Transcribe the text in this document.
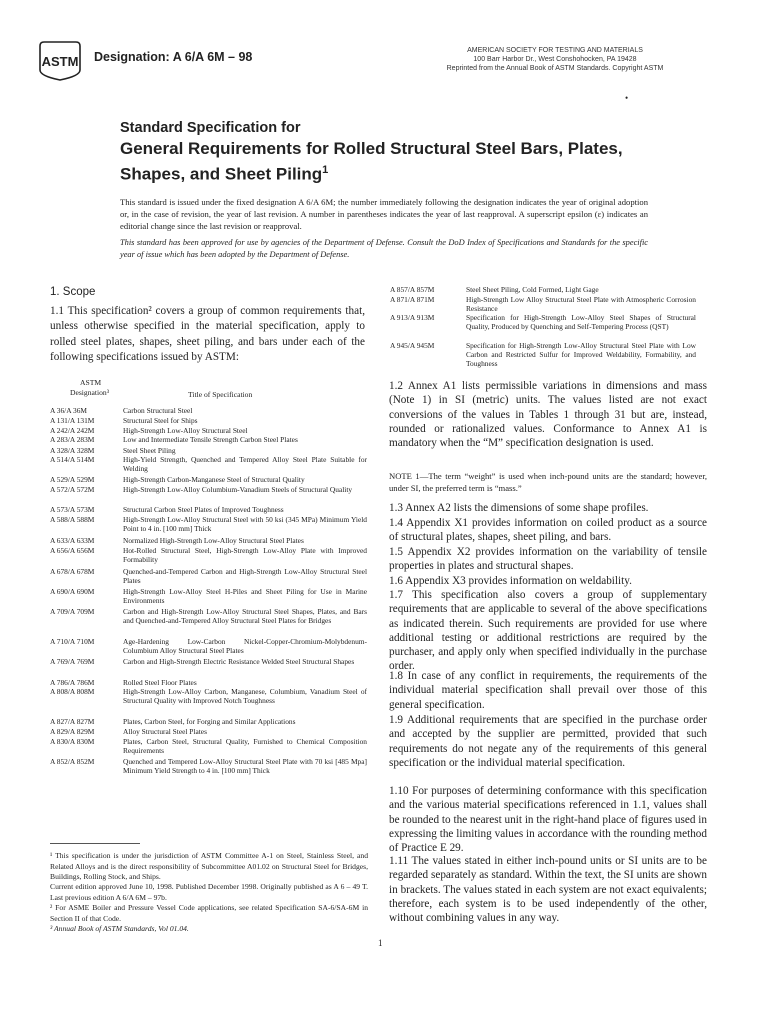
ASTM Designation: A 6/A 6M – 98	AMERICAN SOCIETY FOR TESTING AND MATERIALS
100 Barr Harbor Dr., West Conshohocken, PA 19428
Reprinted from the Annual Book of ASTM Standards. Copyright ASTM
•
Standard Specification for
General Requirements for Rolled Structural Steel Bars, Plates, Shapes, and Sheet Piling$^1$
This standard is issued under the fixed designation A 6/A 6M; the number immediately following the designation indicates the year of original adoption or, in the case of revision, the year of last revision. A number in parentheses indicates the year of last reapproval. A superscript epsilon (ε) indicates an editorial change since the last revision or reapproval.
This standard has been approved for use by agencies of the Department of Defense. Consult the DoD Index of Specifications and Standards for the specific year of issue which has been adopted by the Department of Defense.
1. Scope
1.1 This specification² covers a group of common requirements that, unless otherwise specified in the material specification, apply to rolled steel plates, shapes, sheet piling, and bars under each of the following specifications issued by ASTM:
ASTM
Designation³	Title of Specification
A 36/A 36M	Carbon Structural Steel
A 131/A 131M	Structural Steel for Ships
A 242/A 242M	High-Strength Low-Alloy Structural Steel
A 283/A 283M	Low and Intermediate Tensile Strength Carbon Steel Plates
A 328/A 328M	Steel Sheet Piling
A 514/A 514M	High-Yield Strength, Quenched and Tempered Alloy Steel Plate Suitable for Welding
A 529/A 529M	High-Strength Carbon-Manganese Steel of Structural Quality
A 572/A 572M	High-Strength Low-Alloy Columbium-Vanadium Steels of Structural Quality
A 573/A 573M	Structural Carbon Steel Plates of Improved Toughness
A 588/A 588M	High-Strength Low-Alloy Structural Steel with 50 ksi (345 MPa) Minimum Yield Point to 4 in. [100 mm] Thick
A 633/A 633M	Normalized High-Strength Low-Alloy Structural Steel Plates
A 656/A 656M	Hot-Rolled Structural Steel, High-Strength Low-Alloy Plate with Improved Formability
A 678/A 678M	Quenched-and-Tempered Carbon and High-Strength Low-Alloy Structural Steel Plates
A 690/A 690M	High-Strength Low-Alloy Steel H-Piles and Sheet Piling for Use in Marine Environments
A 709/A 709M	Carbon and High-Strength Low-Alloy Structural Steel Shapes, Plates, and Bars and Quenched-and-Tempered Alloy Structural Steel Plates for Bridges
A 710/A 710M	Age-Hardening Low-Carbon Nickel-Copper-Chromium-Molybdenum-Columbium Alloy Structural Steel Plates
A 769/A 769M	Carbon and High-Strength Electric Resistance Welded Steel Structural Shapes
A 786/A 786M	Rolled Steel Floor Plates
A 808/A 808M	High-Strength Low-Alloy Carbon, Manganese, Columbium, Vanadium Steel of Structural Quality with Improved Notch Toughness
A 827/A 827M	Plates, Carbon Steel, for Forging and Similar Applications
A 829/A 829M	Alloy Structural Steel Plates
A 830/A 830M	Plates, Carbon Steel, Structural Quality, Furnished to Chemical Composition Requirements
A 852/A 852M	Quenched and Tempered Low-Alloy Structural Steel Plate with 70 ksi [485 Mpa] Minimum Yield Strength to 4 in. [100 mm] Thick
A 857/A 857M	Steel Sheet Piling, Cold Formed, Light Gage
A 871/A 871M	High-Strength Low Alloy Structural Steel Plate with Atmospheric Corrosion Resistance
A 913/A 913M	Specification for High-Strength Low-Alloy Steel Shapes of Structural Quality, Produced by Quenching and Self-Tempering Process (QST)
A 945/A 945M	Specification for High-Strength Low-Alloy Structural Steel Plate with Low Carbon and Restricted Sulfur for Improved Weldability, Formability, and Toughness
1.2 Annex A1 lists permissible variations in dimensions and mass (Note 1) in SI (metric) units. The values listed are not exact conversions of the values in Tables 1 through 31 but are, instead, rounded or rationalized values. Conformance to Annex A1 is mandatory when the “M” specification designation is used.
NOTE 1—The term “weight” is used when inch-pound units are the standard; however, under SI, the preferred term is “mass.”
1.3 Annex A2 lists the dimensions of some shape profiles.
1.4 Appendix X1 provides information on coiled product as a source of structural plates, shapes, sheet piling, and bars.
1.5 Appendix X2 provides information on the variability of tensile properties in plates and structural shapes.
1.6 Appendix X3 provides information on weldability.
1.7 This specification also covers a group of supplementary requirements that are applicable to several of the above specifications as indicated therein. Such requirements are provided for use where additional testing or additional restrictions are required by the purchaser, and apply only when specified individually in the purchase order.
1.8 In case of any conflict in requirements, the requirements of the individual material specification shall prevail over those of this general specification.
1.9 Additional requirements that are specified in the purchase order and accepted by the supplier are permitted, provided that such requirements do not negate any of the requirements of this general specification or the individual material specification.
1.10 For purposes of determining conformance with this specification and the various material specifications referenced in 1.1, values shall be rounded to the nearest unit in the right-hand place of figures used in expressing the limiting values in accordance with the rounding method of Practice E 29.
1.11 The values stated in either inch-pound units or SI units are to be regarded separately as standard. Within the text, the SI units are shown in brackets. The values stated in each system are not exact equivalents; therefore, each system is to be used independently of the other, without combining values in any way.
¹ This specification is under the jurisdiction of ASTM Committee A-1 on Steel, Stainless Steel, and Related Alloys and is the direct responsibility of Subcommittee A01.02 on Structural Steel for Bridges, Buildings, Rolling Stock, and Ships.
Current edition approved June 10, 1998. Published December 1998. Originally published as A 6 – 49 T. Last previous edition A 6/A 6M – 97b.
² For ASME Boiler and Pressure Vessel Code applications, see related Specification SA-6/SA-6M in Section II of that Code.
³ Annual Book of ASTM Standards, Vol 01.04.
1
